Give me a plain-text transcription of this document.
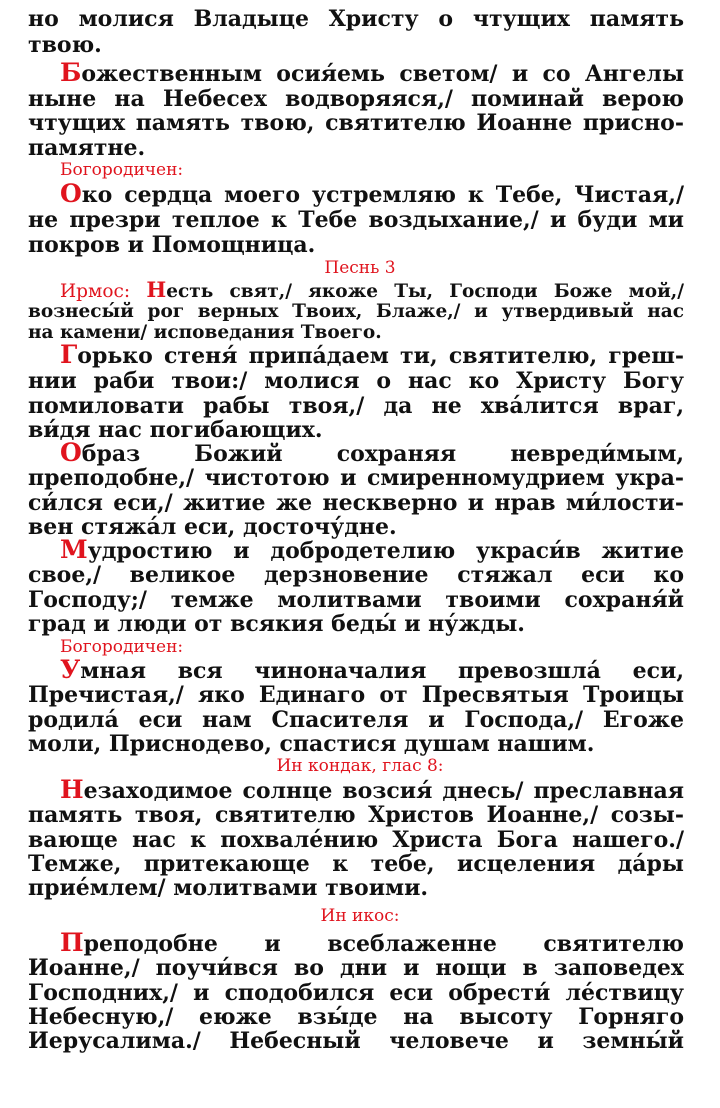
но молися Владыце Христу о чтущих память
твою.
Божественным осия́емь светом/ и со Ангелы
ныне на Небесех водворяяся,/ поминай верою
чтущих память твою, святителю Иоанне присно-
памятне.
Богородичен:
Око сердца моего устремляю к Тебе, Чистая,/
не презри теплое к Тебе воздыхание,/ и буди ми
покров и Помощница.
Песнь 3
Ирмос: Несть свят,/ якоже Ты, Господи Боже мой,/
вознесы́й рог верных Твоих, Блаже,/ и утвердивый нас
на камени/ исповедания Твоего.
Горько стеня́ припа́даем ти, святителю, греш-
нии раби твои:/ молися о нас ко Христу Богу
помиловати рабы твоя,/ да не хва́лится враг,
ви́дя нас погибающих.
Образ Божий сохраняя невреди́мым,
преподобне,/ чистотою и смиренномудрием укра-
си́лся еси,/ житие же нескверно и нрав ми́лости-
вен стяжа́л еси, досточу́дне.
Мудростию и добродетелию украси́в житие
свое,/ великое дерзновение стяжал еси ко
Господу;/ темже молитвами твоими сохраня́й
град и люди от всякия беды́ и ну́жды.
Богородичен:
Умная вся чиноначалия превозшла́ еси,
Пречистая,/ яко Единаго от Пресвятыя Троицы
родила́ еси нам Спасителя и Господа,/ Егоже
моли, Приснодево, спастися душам нашим.
Ин кондак, глас 8:
Незаходимое солнце возсия́ днесь/ преславная
память твоя, святителю Христов Иоанне,/ созы-
вающе нас к похвале́нию Христа Бога нашего./
Темже, притекающе к тебе, исцеления да́ры
прие́млем/ молитвами твоими.
Ин икос:
Преподобне и всеблаженне святителю
Иоанне,/ поучи́вся во дни и нощи в заповедех
Господних,/ и сподобился еси обрести́ ле́ствицу
Небесную,/ еюже взы́де на высоту Горняго
Иерусалима./ Небесный человече и земны́й
